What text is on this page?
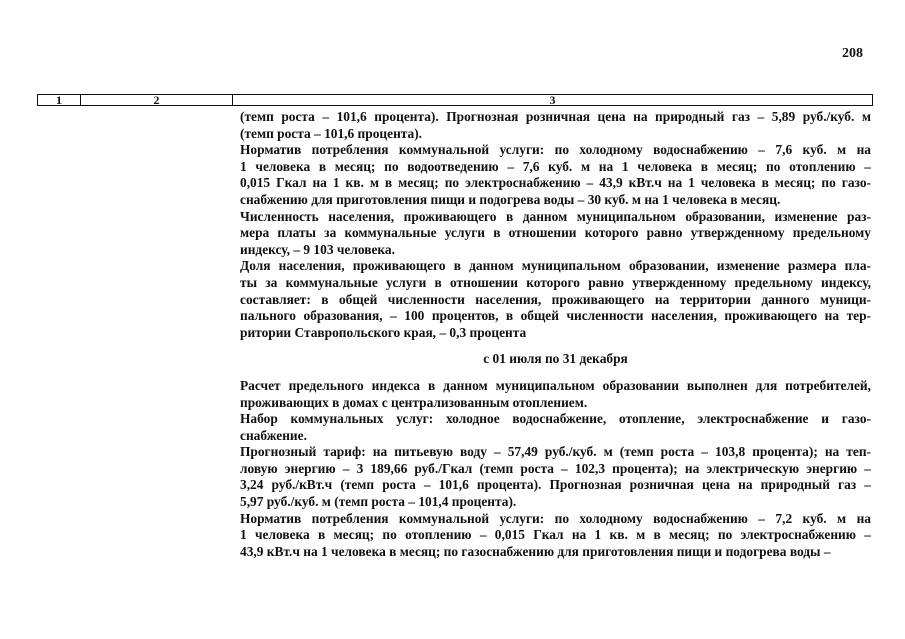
208
1	2	3
(темп роста – 101,6 процента). Прогнозная розничная цена на природный газ – 5,89 руб./куб. м
(темп роста – 101,6 процента).
Норматив потребления коммунальной услуги: по холодному водоснабжению – 7,6 куб. м на
1 человека в месяц; по водоотведению – 7,6 куб. м на 1 человека в месяц; по отоплению –
0,015 Гкал на 1 кв. м в месяц; по электроснабжению – 43,9 кВт.ч на 1 человека в месяц; по газо-
снабжению для приготовления пищи и подогрева воды – 30 куб. м на 1 человека в месяц.
Численность населения, проживающего в данном муниципальном образовании, изменение раз-
мера платы за коммунальные услуги в отношении которого равно утвержденному предельному
индексу, – 9 103 человека.
Доля населения, проживающего в данном муниципальном образовании, изменение размера пла-
ты за коммунальные услуги в отношении которого равно утвержденному предельному индексу,
составляет: в общей численности населения, проживающего на территории данного муници-
пального образования, – 100 процентов, в общей численности населения, проживающего на тер-
ритории Ставропольского края, – 0,3 процента
с 01 июля по 31 декабря
Расчет предельного индекса в данном муниципальном образовании выполнен для потребителей,
проживающих в домах с централизованным отоплением.
Набор коммунальных услуг: холодное водоснабжение, отопление, электроснабжение и газо-
снабжение.
Прогнозный тариф: на питьевую воду – 57,49 руб./куб. м (темп роста – 103,8 процента); на теп-
ловую энергию – 3 189,66 руб./Гкал (темп роста – 102,3 процента); на электрическую энергию –
3,24 руб./кВт.ч (темп роста – 101,6 процента). Прогнозная розничная цена на природный газ –
5,97 руб./куб. м (темп роста – 101,4 процента).
Норматив потребления коммунальной услуги: по холодному водоснабжению – 7,2 куб. м на
1 человека в месяц; по отоплению – 0,015 Гкал на 1 кв. м в месяц; по электроснабжению –
43,9 кВт.ч на 1 человека в месяц; по газоснабжению для приготовления пищи и подогрева воды –
